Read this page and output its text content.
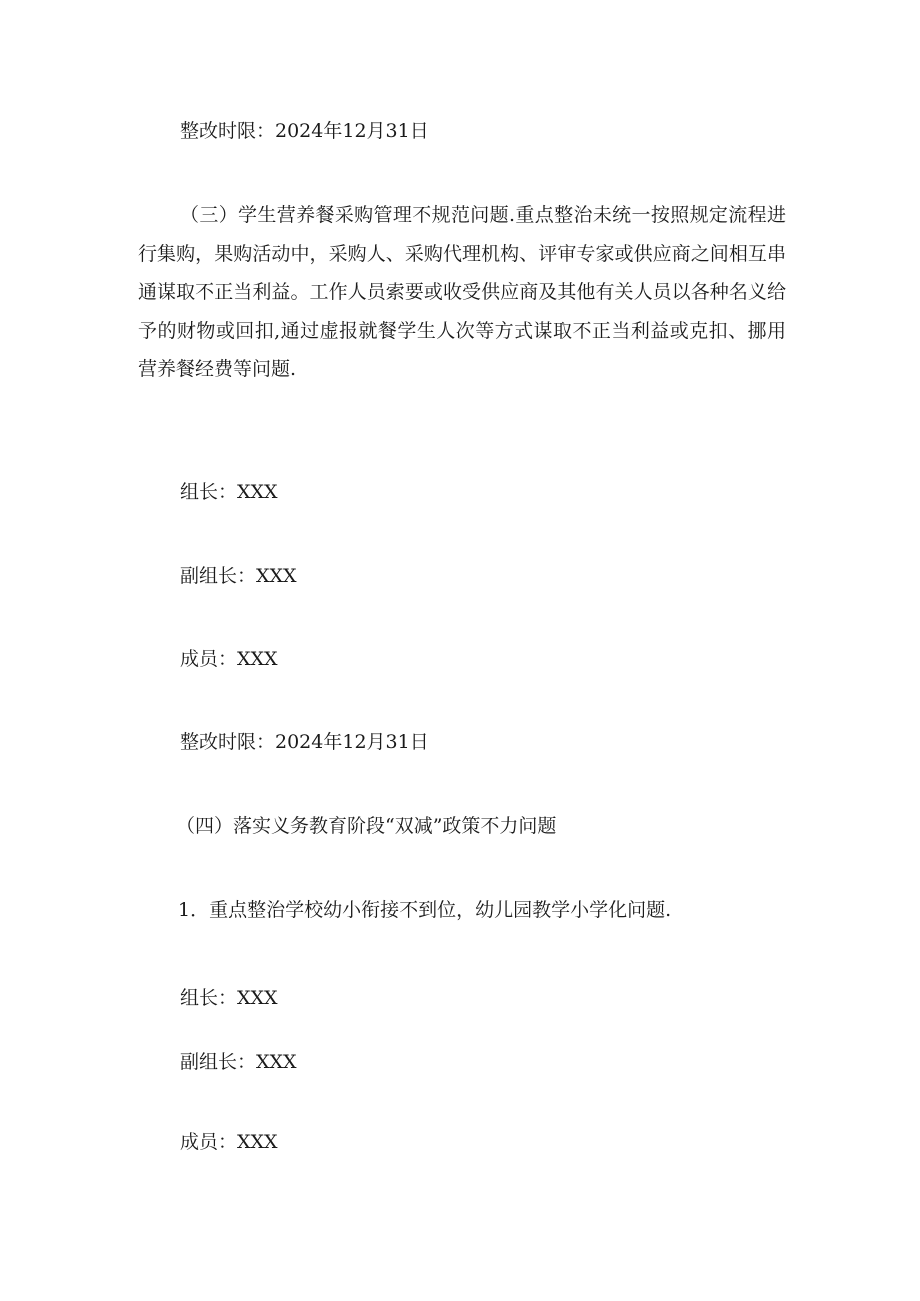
整改时限：2024年12月31日

（三）学生营养餐采购管理不规范问题.重点整治未统一按照规定流程进行集购，果购活动中，采购人、采购代理机构、评审专家或供应商之间相互串通谋取不正当利益。工作人员索要或收受供应商及其他有关人员以各种名义给予的财物或回扣,通过虚报就餐学生人次等方式谋取不正当利益或克扣、挪用营养餐经费等问题.

组长：XXX

副组长：XXX

成员：XXX

整改时限：2024年12月31日

（四）落实义务教育阶段“双减”政策不力问题

1．重点整治学校幼小衔接不到位，幼儿园教学小学化问题.

组长：XXX

副组长：XXX

成员：XXX
